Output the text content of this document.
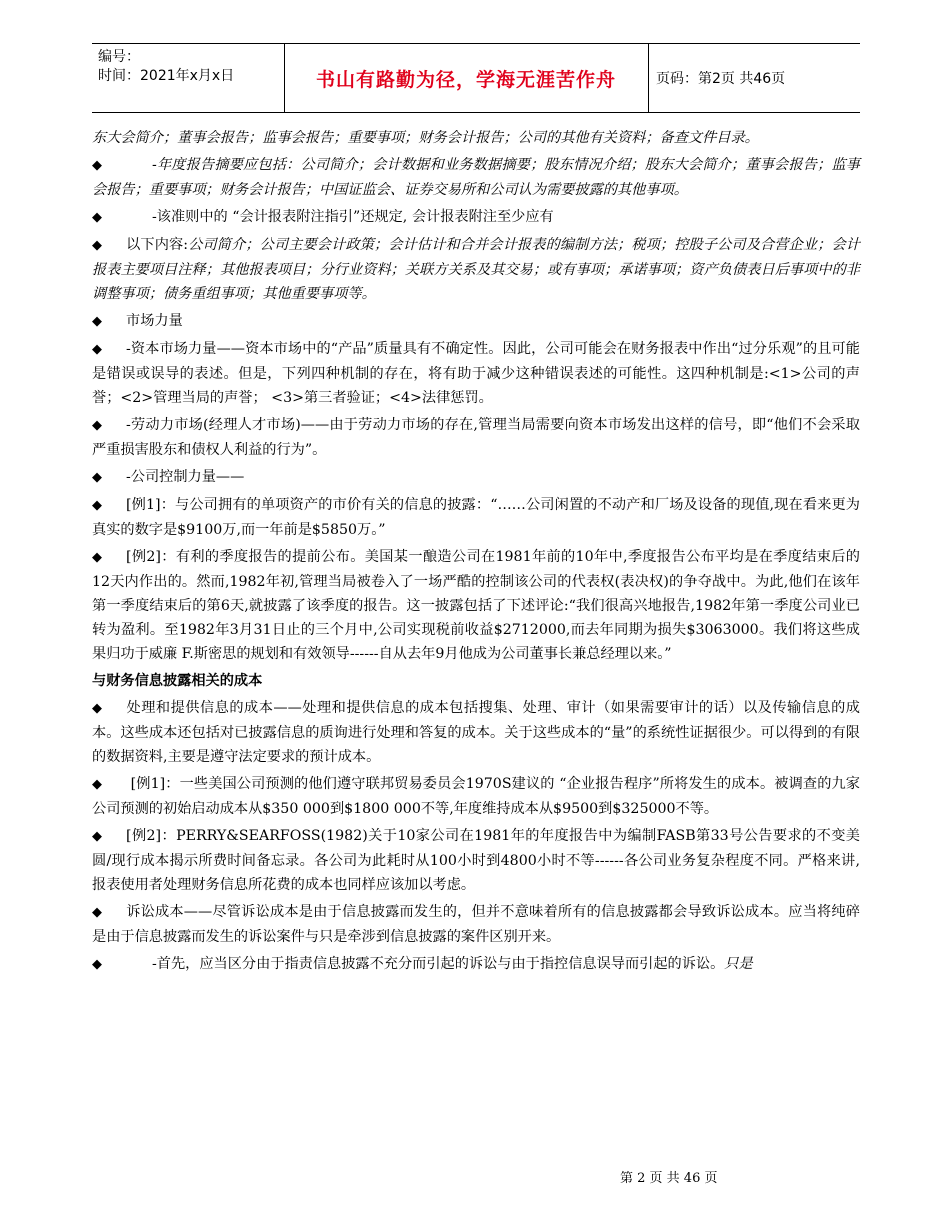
编号：
时间：2021年x月x日	书山有路勤为径，学海无涯苦作舟	页码：第2页 共46页
东大会简介；董事会报告；监事会报告；重要事项；财务会计报告；公司的其他有关资料；备查文件目录。
◆	-年度报告摘要应包括：公司简介；会计数据和业务数据摘要；股东情况介绍；股东大会简介；董事会报告；监事会报告；重要事项；财务会计报告；中国证监会、证券交易所和公司认为需要披露的其他事项。
◆	-该准则中的 “会计报表附注指引”还规定, 会计报表附注至少应有
◆ 以下内容:公司简介；公司主要会计政策；会计估计和合并会计报表的编制方法；税项；控股子公司及合营企业；会计报表主要项目注释；其他报表项目；分行业资料；关联方关系及其交易；或有事项；承诺事项；资产负债表日后事项中的非调整事项；债务重组事项；其他重要事项等。
◆ 市场力量
◆ -资本市场力量——资本市场中的“产品”质量具有不确定性。因此，公司可能会在财务报表中作出“过分乐观”的且可能是错误或误导的表述。但是，下列四种机制的存在，将有助于减少这种错误表述的可能性。这四种机制是:<1>公司的声誉；<2>管理当局的声誉； <3>第三者验证；<4>法律惩罚。
◆ -劳动力市场(经理人才市场)——由于劳动力市场的存在,管理当局需要向资本市场发出这样的信号，即“他们不会采取严重损害股东和债权人利益的行为”。
◆ -公司控制力量——
◆ [例1]：与公司拥有的单项资产的市价有关的信息的披露：“……公司闲置的不动产和厂场及设备的现值,现在看来更为真实的数字是$9100万,而一年前是$5850万。”
◆ [例2]：有利的季度报告的提前公布。美国某一酿造公司在1981年前的10年中,季度报告公布平均是在季度结束后的12天内作出的。然而,1982年初,管理当局被卷入了一场严酷的控制该公司的代表权(表决权)的争夺战中。为此,他们在该年第一季度结束后的第6天,就披露了该季度的报告。这一披露包括了下述评论:“我们很高兴地报告,1982年第一季度公司业已转为盈利。至1982年3月31日止的三个月中,公司实现税前收益$2712000,而去年同期为损失$3063000。我们将这些成果归功于威廉 F.斯密思的规划和有效领导------自从去年9月他成为公司董事长兼总经理以来。”
与财务信息披露相关的成本
◆ 处理和提供信息的成本——处理和提供信息的成本包括搜集、处理、审计（如果需要审计的话）以及传输信息的成本。这些成本还包括对已披露信息的质询进行处理和答复的成本。关于这些成本的“量”的系统性证据很少。可以得到的有限的数据资料,主要是遵守法定要求的预计成本。
◆ [例1]：一些美国公司预测的他们遵守联邦贸易委员会1970S建议的 “企业报告程序”所将发生的成本。被调查的九家公司预测的初始启动成本从$350 000到$1800 000不等,年度维持成本从$9500到$325000不等。
◆ [例2]：PERRY&SEARFOSS(1982)关于10家公司在1981年的年度报告中为编制FASB第33号公告要求的不变美圆/现行成本揭示所费时间备忘录。各公司为此耗时从100小时到4800小时不等------各公司业务复杂程度不同。严格来讲,报表使用者处理财务信息所花费的成本也同样应该加以考虑。
◆ 诉讼成本——尽管诉讼成本是由于信息披露而发生的，但并不意味着所有的信息披露都会导致诉讼成本。应当将纯碎是由于信息披露而发生的诉讼案件与只是牵涉到信息披露的案件区别开来。
◆	-首先，应当区分由于指责信息披露不充分而引起的诉讼与由于指控信息误导而引起的诉讼。只是
第 2 页 共 46 页
